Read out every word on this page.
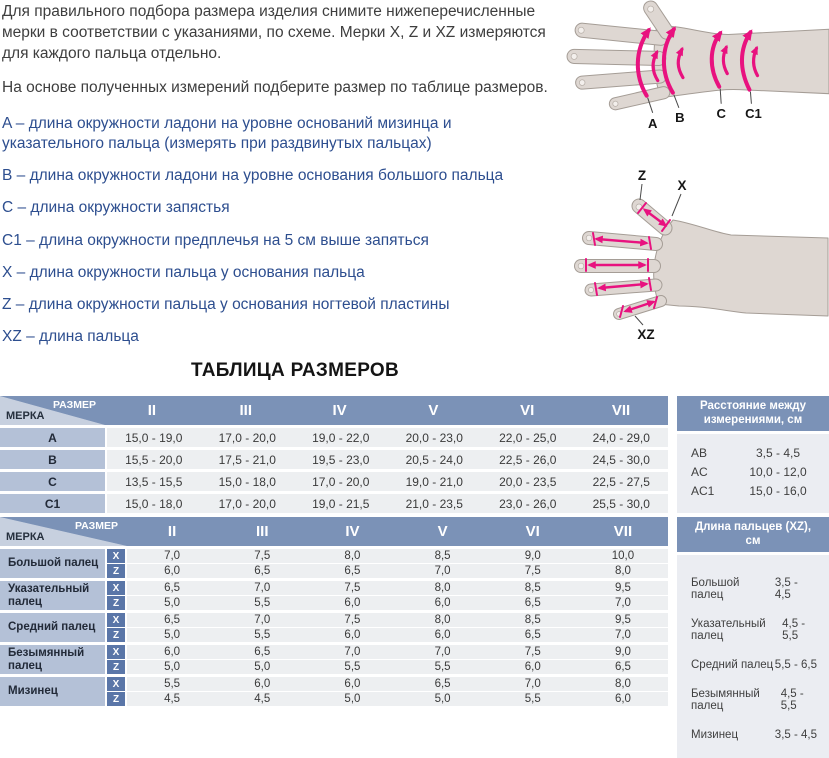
Для правильного подбора размера изделия снимите нижеперечисленные мерки в соответствии с указаниями, по схеме. Мерки X, Z и XZ измеряются для каждого пальца отдельно.

На основе полученных измерений подберите размер по таблице размеров.

A – длина окружности ладони на уровне оснований мизинца и указательного пальца (измерять при раздвинутых пальцах)
B – длина окружности ладони на уровне основания большого пальца
C – длина окружности запястья
C1 – длина окружности предплечья на 5 см выше запяться
X – длина окружности пальца у основания пальца
Z – длина окружности пальца у основания ногтевой пластины
XZ – длина пальца
A B C C1
Z
X
XZ
ТАБЛИЦА РАЗМЕРОВ
РАЗМЕР
МЕРКА	II	III	IV	V	VI	VII
A	15,0 - 19,0	17,0 - 20,0	19,0 - 22,0	20,0 - 23,0	22,0 - 25,0	24,0 - 29,0
B	15,5 - 20,0	17,5 - 21,0	19,5 - 23,0	20,5 - 24,0	22,5 - 26,0	24,5 - 30,0
C	13,5 - 15,5	15,0 - 18,0	17,0 - 20,0	19,0 - 21,0	20,0 - 23,5	22,5 - 27,5
C1	15,0 - 18,0	17,0 - 20,0	19,0 - 21,5	21,0 - 23,5	23,0 - 26,0	25,5 - 30,0
Расстояние между измерениями, см
AB	3,5 - 4,5
AC	10,0 - 12,0
AC1	15,0 - 16,0
РАЗМЕР
МЕРКА	II	III	IV	V	VI	VII
Большой палец
X	7,0	7,5	8,0	8,5	9,0	10,0
Z	6,0	6,5	6,5	7,0	7,5	8,0
Указательный палец
X	6,5	7,0	7,5	8,0	8,5	9,5
Z	5,0	5,5	6,0	6,0	6,5	7,0
Средний палец
X	6,5	7,0	7,5	8,0	8,5	9,5
Z	5,0	5,5	6,0	6,0	6,5	7,0
Безымянный палец
X	6,0	6,5	7,0	7,0	7,5	9,0
Z	5,0	5,0	5,5	5,5	6,0	6,5
Мизинец
X	5,5	6,0	6,0	6,5	7,0	8,0
Z	4,5	4,5	5,0	5,0	5,5	6,0
Длина пальцев (XZ), см
Большой палец
3,5 - 4,5
Указательный палец
4,5 - 5,5
Средний палец 5,5 - 6,5
Безымянный палец
4,5 - 5,5
Мизинец	3,5 - 4,5
